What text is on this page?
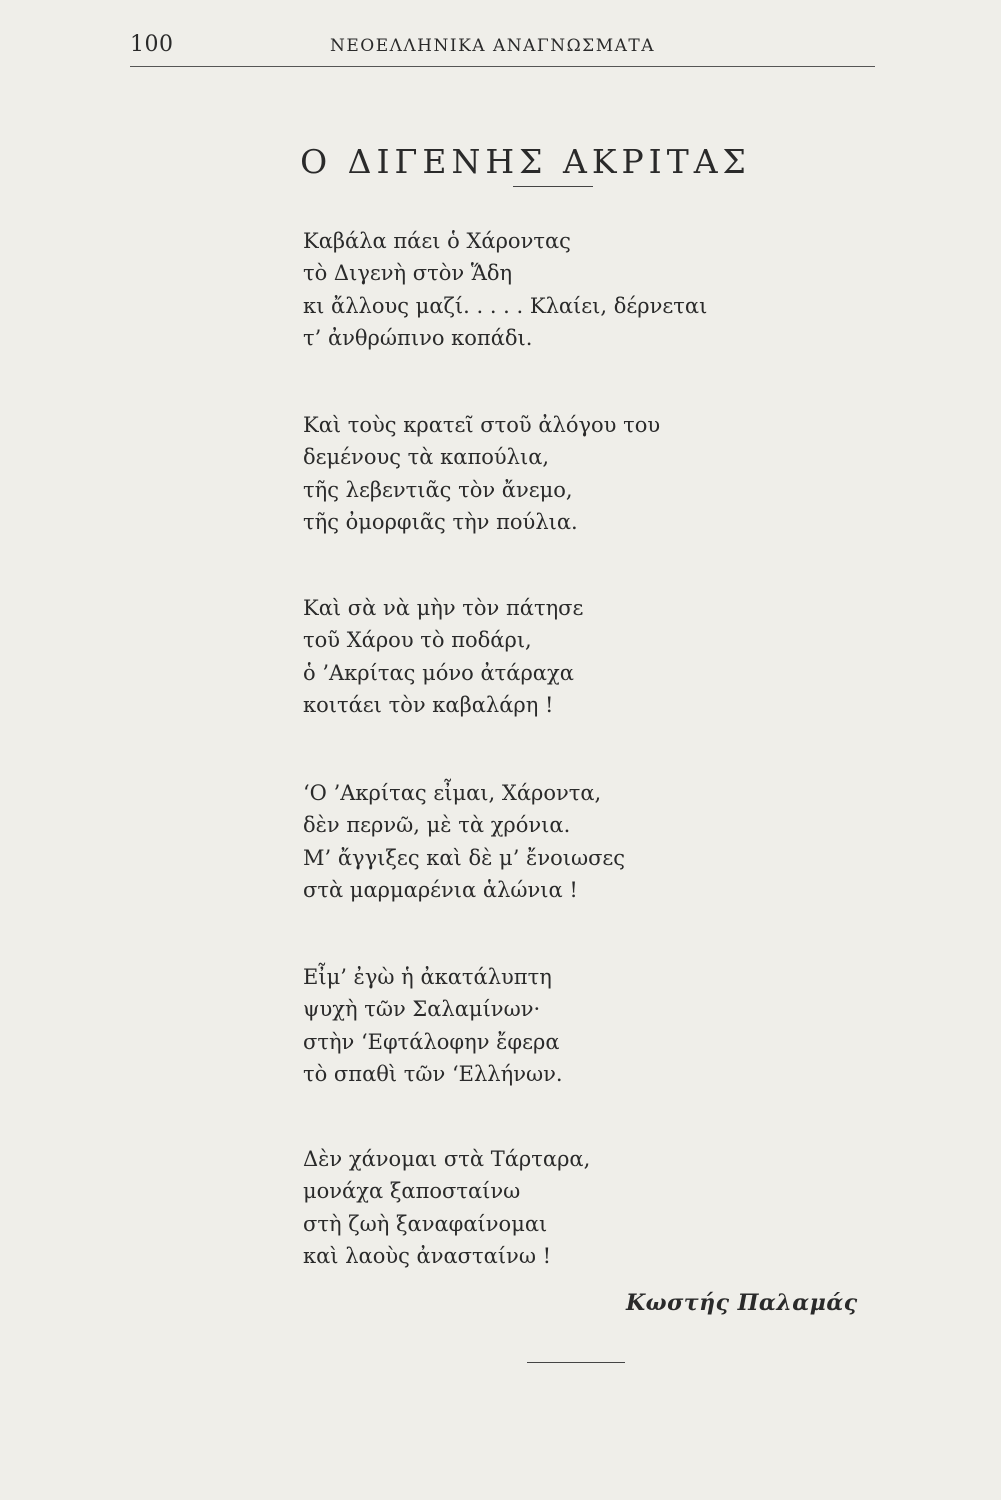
100	ΝΕΟΕΛΛΗΝΙΚΑ ΑΝΑΓΝΩΣΜΑΤΑ
Ο ΔΙΓΕΝΗΣ ΑΚΡΙΤΑΣ
Καβάλα πάει ὁ Χάροντας
τὸ Διγενὴ στὸν Ἅδη
κι ἄλλους μαζί. . . . . Κλαίει, δέρνεται
τ’ ἀνθρώπινο κοπάδι.
Καὶ τοὺς κρατεῖ στοῦ ἀλόγου του
δεμένους τὰ καπούλια,
τῆς λεβεντιᾶς τὸν ἄνεμο,
τῆς ὀμορφιᾶς τὴν πούλια.
Καὶ σὰ νὰ μὴν τὸν πάτησε
τοῦ Χάρου τὸ ποδάρι,
ὁ ’Ακρίτας μόνο ἀτάραχα
κοιτάει τὸν καβαλάρη !
‘Ο ’Ακρίτας εἶμαι, Χάροντα,
δὲν περνῶ, μὲ τὰ χρόνια.
Μ’ ἄγγιξες καὶ δὲ μ’ ἔνοιωσες
στὰ μαρμαρένια ἁλώνια !
Εἶμ’ ἐγὼ ἡ ἀκατάλυπτη
ψυχὴ τῶν Σαλαμίνων·
στὴν ‘Εφτάλοφην ἔφερα
τὸ σπαθὶ τῶν ‘Ελλήνων.
Δὲν χάνομαι στὰ Τάρταρα,
μονάχα ξαποσταίνω
στὴ ζωὴ ξαναφαίνομαι
καὶ λαοὺς ἀνασταίνω !
Κωστής Παλαμάς
